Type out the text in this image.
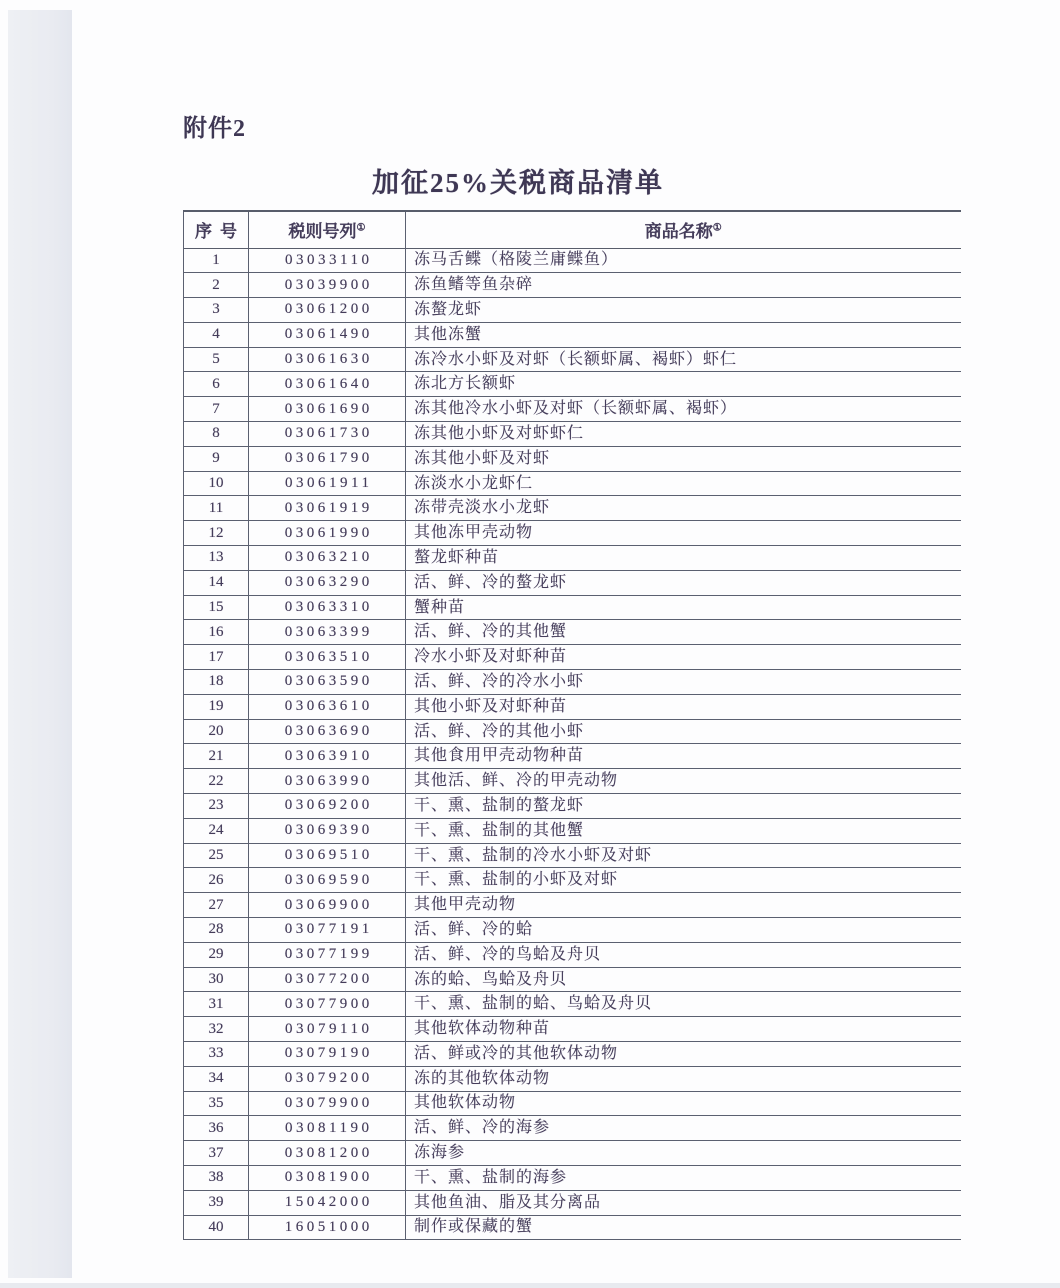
附件2
加征25%关税商品清单
序号	税则号列①	商品名称①
1	03033110	冻马舌鲽（格陵兰庸鲽鱼）
2	03039900	冻鱼鳍等鱼杂碎
3	03061200	冻螯龙虾
4	03061490	其他冻蟹
5	03061630	冻冷水小虾及对虾（长额虾属、褐虾）虾仁
6	03061640	冻北方长额虾
7	03061690	冻其他冷水小虾及对虾（长额虾属、褐虾）
8	03061730	冻其他小虾及对虾虾仁
9	03061790	冻其他小虾及对虾
10	03061911	冻淡水小龙虾仁
11	03061919	冻带壳淡水小龙虾
12	03061990	其他冻甲壳动物
13	03063210	螯龙虾种苗
14	03063290	活、鲜、冷的螯龙虾
15	03063310	蟹种苗
16	03063399	活、鲜、冷的其他蟹
17	03063510	冷水小虾及对虾种苗
18	03063590	活、鲜、冷的冷水小虾
19	03063610	其他小虾及对虾种苗
20	03063690	活、鲜、冷的其他小虾
21	03063910	其他食用甲壳动物种苗
22	03063990	其他活、鲜、冷的甲壳动物
23	03069200	干、熏、盐制的螯龙虾
24	03069390	干、熏、盐制的其他蟹
25	03069510	干、熏、盐制的冷水小虾及对虾
26	03069590	干、熏、盐制的小虾及对虾
27	03069900	其他甲壳动物
28	03077191	活、鲜、冷的蛤
29	03077199	活、鲜、冷的鸟蛤及舟贝
30	03077200	冻的蛤、鸟蛤及舟贝
31	03077900	干、熏、盐制的蛤、鸟蛤及舟贝
32	03079110	其他软体动物种苗
33	03079190	活、鲜或冷的其他软体动物
34	03079200	冻的其他软体动物
35	03079900	其他软体动物
36	03081190	活、鲜、冷的海参
37	03081200	冻海参
38	03081900	干、熏、盐制的海参
39	15042000	其他鱼油、脂及其分离品
40	16051000	制作或保藏的蟹
